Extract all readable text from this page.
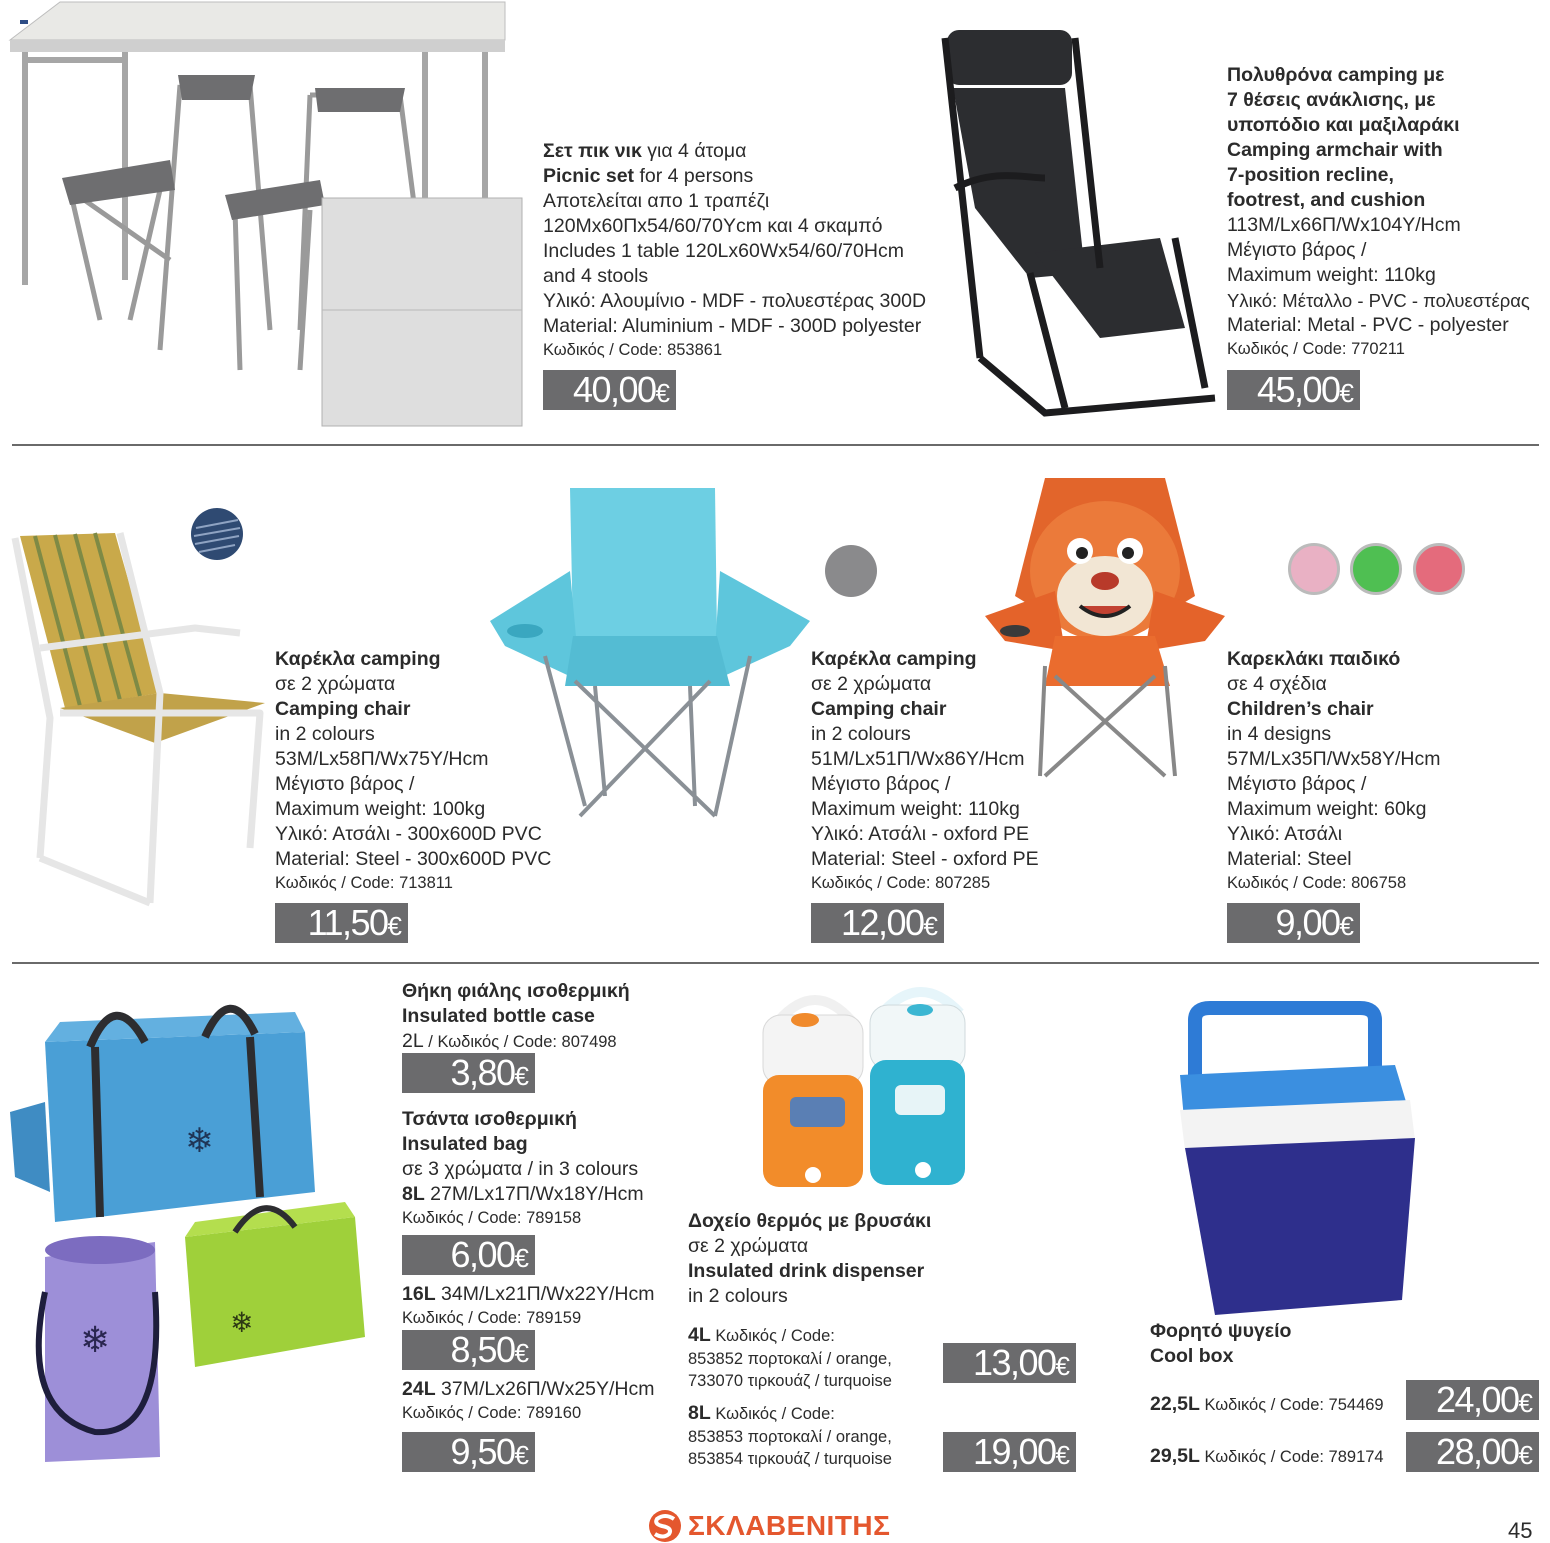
Σετ πικ νικ για 4 άτομα
Picnic set for 4 persons
Αποτελείται απο 1 τραπέζι
120Μx60Πx54/60/70Ycm και 4 σκαμπό
Includes 1 table 120Lx60Wx54/60/70Hcm
and 4 stools
Υλικό: Αλουμίνιο - MDF - πολυεστέρας 300D
Material: Aluminium - MDF - 300D polyester
Κωδικός / Code: 853861
40,00€
Πολυθρόνα camping με
7 θέσεις ανάκλισης, με
υποπόδιο και μαξιλαράκι
Camping armchair with
7-position recline,
footrest, and cushion
113Μ/Lx66Π/Wx104Υ/Hcm
Μέγιστο βάρος /
Maximum weight: 110kg
Υλικό: Μέταλλο - PVC - πολυεστέρας
Material: Metal - PVC - polyester
Κωδικός / Code: 770211
45,00€
Καρέκλα camping
σε 2 χρώματα
Camping chair
in 2 colours
53Μ/Lx58Π/Wx75Υ/Hcm
Μέγιστο βάρος /
Maximum weight: 100kg
Υλικό: Ατσάλι - 300x600D PVC
Material: Steel - 300x600D PVC
Κωδικός / Code: 713811
11,50€
Καρέκλα camping
σε 2 χρώματα
Camping chair
in 2 colours
51Μ/Lx51Π/Wx86Υ/Hcm
Μέγιστο βάρος /
Maximum weight: 110kg
Υλικό: Ατσάλι - oxford PE
Material: Steel - oxford PE
Κωδικός / Code: 807285
12,00€
Καρεκλάκι παιδικό
σε 4 σχέδια
Children’s chair
in 4 designs
57Μ/Lx35Π/Wx58Υ/Hcm
Μέγιστο βάρος /
Maximum weight: 60kg
Υλικό: Ατσάλι
Material: Steel
Κωδικός / Code: 806758
9,00€
❄
❄	❄
Θήκη φιάλης ισοθερμική
Insulated bottle case
2L / Κωδικός / Code: 807498
3,80€
Τσάντα ισοθερμική
Insulated bag
σε 3 χρώματα / in 3 colours
8L 27Μ/Lx17Π/Wx18Υ/Hcm
Κωδικός / Code: 789158
6,00€
16L 34Μ/Lx21Π/Wx22Υ/Hcm
Κωδικός / Code: 789159
8,50€
24L 37Μ/Lx26Π/Wx25Υ/Hcm
Κωδικός / Code: 789160
9,50€
Δοχείο θερμός με βρυσάκι
σε 2 χρώματα
Insulated drink dispenser
in 2 colours
4L Κωδικός / Code:
853852 πορτοκαλί / orange,
733070 τιρκουάζ / turquoise	13,00€
8L Κωδικός / Code:
853853 πορτοκαλί / orange,
853854 τιρκουάζ / turquoise	19,00€
Φορητό ψυγείο
Cool box
22,5L Κωδικός / Code: 754469	24,00€
29,5L Κωδικός / Code: 789174	28,00€
ΣΚΛΑΒΕΝΙΤΗΣ	45
